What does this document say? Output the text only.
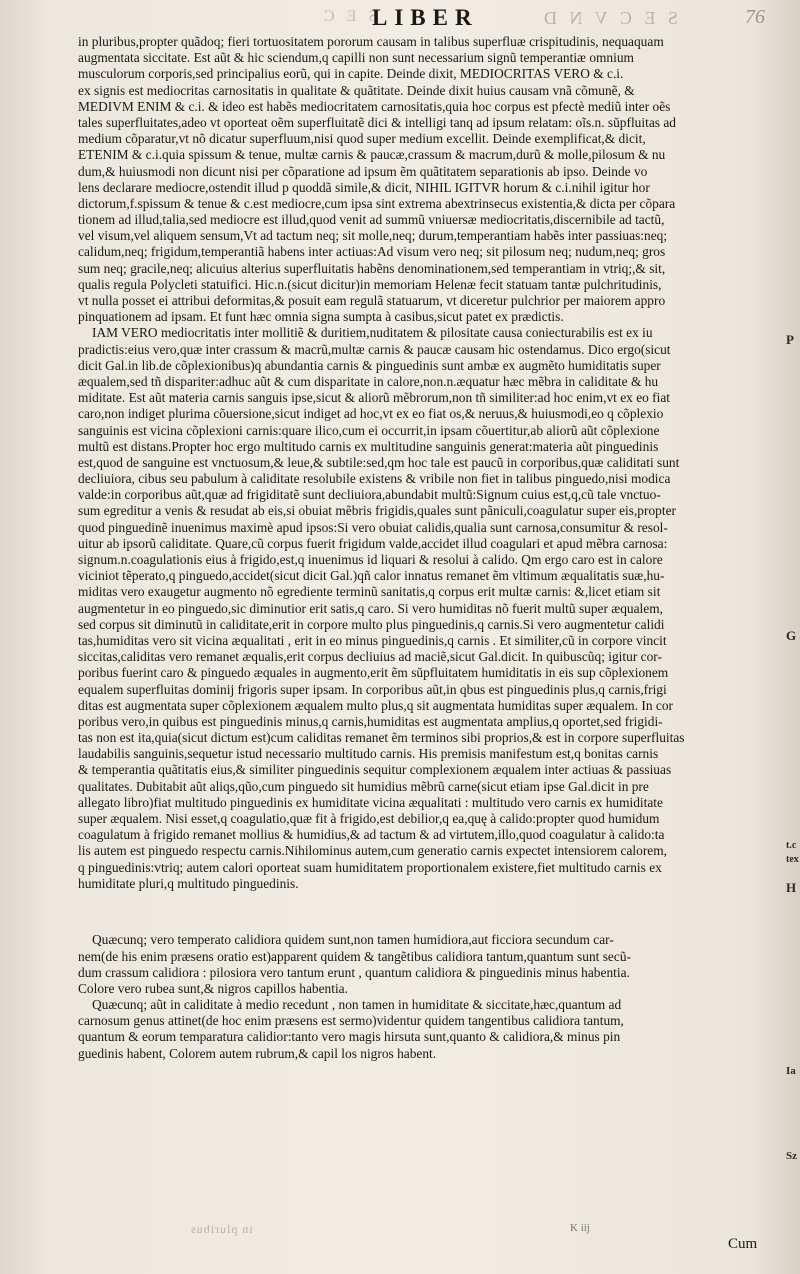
S E C
LIBER	S E C V N D	76
in pluribus,propter quãdoq; fieri tortuositatem pororum causam in talibus superfluæ crispitudinis, nequaquam
augmentata siccitate. Est aũt & hic sciendum,q capilli non sunt necessarium signũ temperantiæ omnium
musculorum corporis,sed principalius eorũ, qui in capite. Deinde dixit, MEDIOCRITAS VERO & c.i.
ex signis est mediocritas carnositatis in qualitate & quãtitate. Deinde dixit huius causam vnã cõmunẽ, &
MEDIVM ENIM & c.i. & ideo est habẽs mediocritatem carnositatis,quia hoc corpus est pfectè mediũ inter oẽs
tales superfluitates,adeo vt oporteat oẽm superfluitatẽ dici & intelligi tanq ad ipsum relatam: oĩs.n. sŭpfluitas ad
medium cõparatur,vt nõ dicatur superfluum,nisi quod super medium excellit. Deinde exemplificat,& dicit,
ETENIM & c.i.quia spissum & tenue, multæ carnis & paucæ,crassum & macrum,durũ & molle,pilosum & nu
dum,& huiusmodi non dicunt nisi per cõparatione ad ipsum ẽm quãtitatem separationis ab ipso. Deinde vo
lens declarare mediocre,ostendit illud p quoddã simile,& dicit, NIHIL IGITVR horum & c.i.nihil igitur hor
dictorum,f.spissum & tenue & c.est mediocre,cum ipsa sint extrema abextrinsecus existentia,& dicta per cõpara
tionem ad illud,talia,sed mediocre est illud,quod venit ad summũ vniuersæ mediocritatis,discernibile ad tactũ,
vel visum,vel aliquem sensum,Vt ad tactum neq; sit molle,neq; durum,temperantiam habẽs inter passiuas:neq;
calidum,neq; frigidum,temperantiã habens inter actiuas:Ad visum vero neq; sit pilosum neq; nudum,neq; gros
sum neq; gracile,neq; alicuius alterius superfluitatis habẽns denominationem,sed temperantiam in vtriq;,& sit,
qualis regula Polycleti statuifici. Hic.n.(sicut dicitur)in memoriam Helenæ fecit statuam tantæ pulchritudinis,
vt nulla posset ei attribui deformitas,& posuit eam regulã statuarum, vt diceretur pulchrior per maiorem appro
pinquationem ad ipsam. Et funt hæc omnia signa sumpta à casibus,sicut patet ex prædictis.
IAM VERO mediocritatis inter mollitiẽ & duritiem,nuditatem & pilositate causa coniecturabilis est ex iu
pradictis:eius vero,quæ inter crassum & macrũ,multæ carnis & paucæ causam hic ostendamus. Dico ergo(sicut
dicit Gal.in lib.de cõplexionibus)q abundantia carnis & pinguedinis sunt ambæ ex augmẽto humiditatis super
æqualem,sed tñ dispariter:adhuc aũt & cum disparitate in calore,non.n.æquatur hæc mẽbra in caliditate & hu
miditate. Est aũt materia carnis sanguis ipse,sicut & aliorũ mẽbrorum,non tñ similiter:ad hoc enim,vt ex eo fiat
caro,non indiget plurima cõuersione,sicut indiget ad hoc,vt ex eo fiat os,& neruus,& huiusmodi,eo q cõplexio
sanguinis est vicina cõplexioni carnis:quare ilico,cum ei occurrit,in ipsam cõuertitur,ab aliorũ aũt cõplexione
multũ est distans.Propter hoc ergo multitudo carnis ex multitudine sanguinis generat:materia aũt pinguedinis
est,quod de sanguine est vnctuosum,& leue,& subtile:sed,qm hoc tale est paucũ in corporibus,quæ caliditati sunt
decliuiora, cibus seu pabulum à caliditate resolubile existens & vribile non fiet in talibus pinguedo,nisi modica
valde:in corporibus aũt,quæ ad frigiditatẽ sunt decliuiora,abundabit multũ:Signum cuius est,q,cũ tale vnctuo-
sum egreditur a venis & resudat ab eis,si obuiat mẽbris frigidis,quales sunt pãniculi,coagulatur super eis,propter
quod pinguedinẽ inuenimus maximè apud ipsos:Si vero obuiat calidis,qualia sunt carnosa,consumitur & resol-
uitur ab ipsorũ caliditate. Quare,cũ corpus fuerit frigidum valde,accidet illud coagulari et apud mẽbra carnosa:
signum.n.coagulationis eius à frigido,est,q inuenimus id liquari & resolui à calido. Qm ergo caro est in calore
viciniot tẽperato,q pinguedo,accidet(sicut dicit Gal.)qñ calor innatus remanet ẽm vltimum æqualitatis suæ,hu-
miditas vero exaugetur augmento nõ egrediente terminũ sanitatis,q corpus erit multæ carnis: &,licet etiam sit
augmentetur in eo pinguedo,sic diminutior erit satis,q caro. Si vero humiditas nõ fuerit multũ super æqualem,
sed corpus sit diminutũ in caliditate,erit in corpore multo plus pinguedinis,q carnis.Si vero augmentetur calidi
tas,humiditas vero sit vicina æqualitati , erit in eo minus pinguedinis,q carnis . Et similiter,cũ in corpore vincit
siccitas,caliditas vero remanet æqualis,erit corpus decliuius ad maciẽ,sicut Gal.dicit. In quibuscũq; igitur cor-
poribus fuerint caro & pinguedo æquales in augmento,erit ẽm sŭpfluitatem humiditatis in eis sup cõplexionem
equalem superfluitas dominij frigoris super ipsam. In corporibus aũt,in qbus est pinguedinis plus,q carnis,frigi
ditas est augmentata super cõplexionem æqualem multo plus,q sit augmentata humiditas super æqualem. In cor
poribus vero,in quibus est pinguedinis minus,q carnis,humiditas est augmentata amplius,q oportet,sed frigidi-
tas non est ita,quia(sicut dictum est)cum caliditas remanet ẽm terminos sibi proprios,& est in corpore superfluitas
laudabilis sanguinis,sequetur istud necessario multitudo carnis. His premisis manifestum est,q bonitas carnis
& temperantia quãtitatis eius,& similiter pinguedinis sequitur complexionem æqualem inter actiuas & passiuas
qualitates. Dubitabit aũt aliqs,qũo,cum pinguedo sit humidius mẽbrũ carne(sicut etiam ipse Gal.dicit in pre
allegato libro)fiat multitudo pinguedinis ex humiditate vicina æqualitati : multitudo vero carnis ex humiditate
super æqualem. Nisi esset,q coagulatio,quæ fit à frigido,est debilior,q ea,quę à calido:propter quod humidum
coagulatum à frigido remanet mollius & humidius,& ad tactum & ad virtutem,illo,quod coagulatur à calido:ta
lis autem est pinguedo respectu carnis.Nihilominus autem,cum generatio carnis expectet intensiorem calorem,
q pinguedinis:vtriq; autem calori oporteat suam humiditatem proportionalem existere,fiet multitudo carnis ex
humiditate pluri,q multitudo pinguedinis.
Quæcunq; vero temperato calidiora quidem sunt,non tamen humidiora,aut ficciora secundum car-
nem(de his enim præsens oratio est)apparent quidem & tangẽtibus calidiora tantum,quantum sunt secũ-
dum crassum calidiora : pilosiora vero tantum erunt , quantum calidiora & pinguedinis minus habentia.
Colore vero rubea sunt,& nigros capillos habentia.
Quæcunq; aũt in caliditate à medio recedunt , non tamen in humiditate & siccitate,hæc,quantum ad
carnosum genus attinet(de hoc enim præsens est sermo)videntur quidem tangentibus calidiora tantum,
quantum & eorum temparatura calidior:tanto vero magis hirsuta sunt,quanto & calidiora,& minus pin
guedinis habent, Colorem autem rubrum,& capil los nigros habent.
P
G
t.c
tex
H
Ia
Sz
in pluribus	K iij
Cum
